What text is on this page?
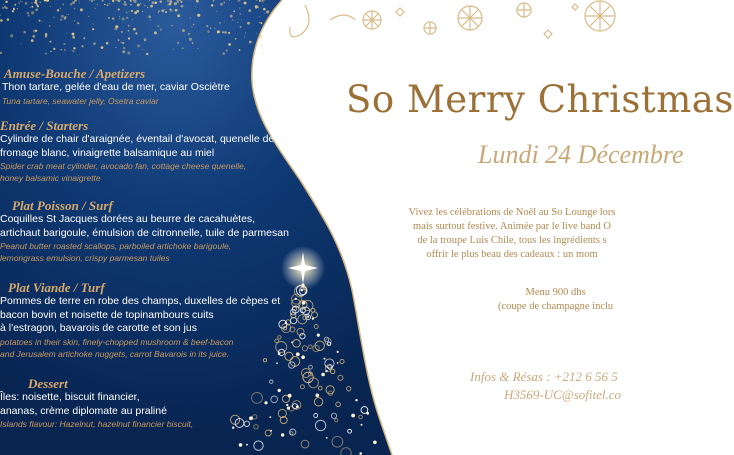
Amuse-Bouche / Apetizers

Thon tartare, gelée d'eau de mer, caviar Osciètre

Tuna tartare, seawater jelly, Osetra caviar

Entrée / Starters

Cylindre de chair d'araignée, éventail d'avocat, quenelle de

fromage blanc, vinaigrette balsamique au miel

Spider crab meat cylinder, avocado fan, cottage cheese quenelle,

honey balsamic vinaigrette

Plat Poisson / Surf

Coquilles St Jacques dorées au beurre de cacahuètes,

artichaut barigoule, émulsion de citronnelle, tuile de parmesan

Peanut butter roasted scallops, parboiled artichoke barigoule,

lemongrass emulsion, crispy parmesan tuiles

Plat Viande / Turf

Pommes de terre en robe des champs, duxelles de cèpes et

bacon bovin et noisette de topinambours cuits

à l'estragon, bavarois de carotte et son jus

potatoes in their skin, finely-chopped mushroom & beef-bacon

and Jerusalem artichoke nuggets, carrot Bavarois in its juice.

Dessert

Îles: noisette, biscuit financier,

ananas, crème diplomate au praliné

Islands flavour: Hazelnut, hazelnut financier biscuit,

So Merry Christmas
Lundi 24 Décembre
Vivez les célébrations de Noël au So Lounge lors
mais surtout festive. Animée par le live band O
de la troupe Luis Chile, tous les ingrédients s
offrir le plus beau des cadeaux : un mom
Menu 900 dhs
(coupe de champagne inclu
Infos & Résas : +212 6 56 5
H3569-UC@sofitel.co
